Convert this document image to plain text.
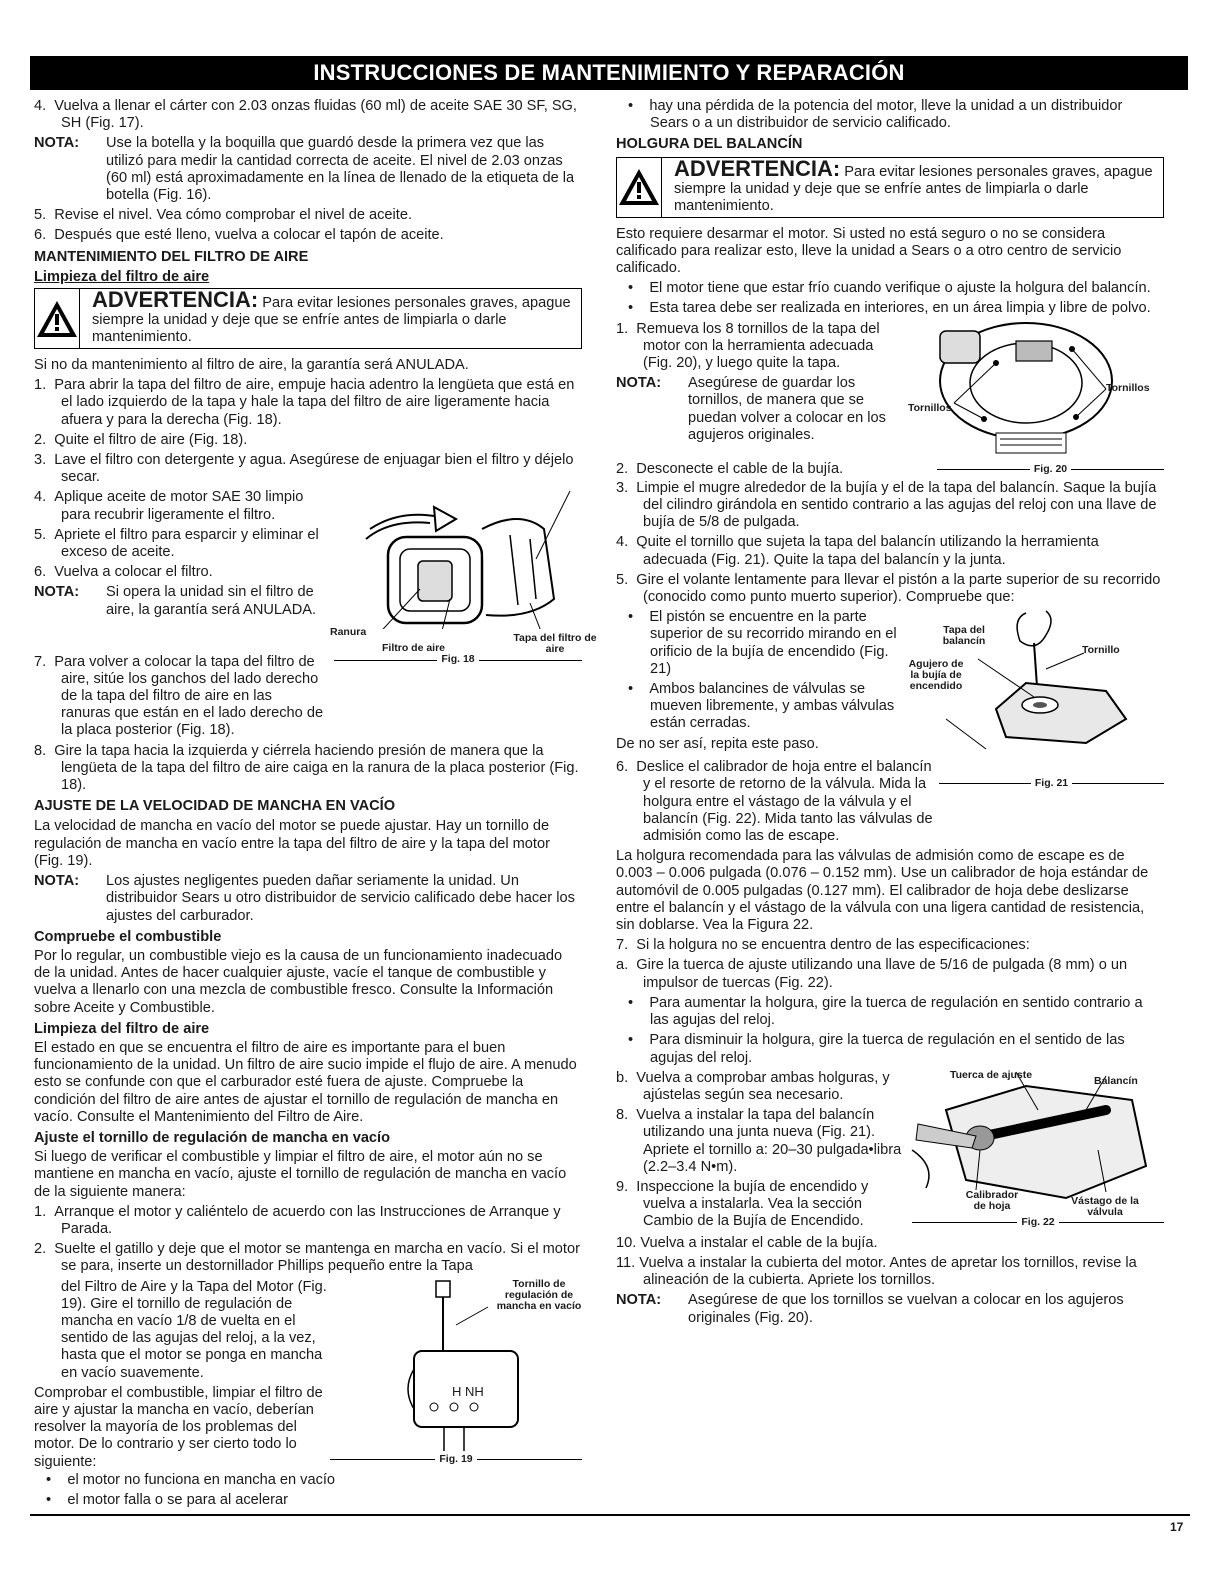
INSTRUCCIONES DE MANTENIMIENTO Y REPARACIÓN

4.  Vuelva a llenar el cárter con 2.03 onzas fluidas (60 ml) de aceite SAE 30 SF, SG, SH (Fig. 17).

NOTA:	Use la botella y la boquilla que guardó desde la primera vez que las utilizó para medir la cantidad correcta de aceite. El nivel de 2.03 onzas (60 ml) está aproximadamente en la línea de llenado de la etiqueta de la botella (Fig. 16).

5.  Revise el nivel. Vea cómo comprobar el nivel de aceite.

6.  Después que esté lleno, vuelva a colocar el tapón de aceite.

MANTENIMIENTO DEL FILTRO DE AIRE
Limpieza del filtro de aire
ADVERTENCIA: Para evitar lesiones personales graves, apague siempre la unidad y deje que se enfríe antes de limpiarla o darle mantenimiento.

Si no da mantenimiento al filtro de aire, la garantía será ANULADA.

1.  Para abrir la tapa del filtro de aire, empuje hacia adentro la lengüeta que está en el lado izquierdo de la tapa y hale la tapa del filtro de aire ligeramente hacia afuera y para la derecha (Fig. 18).

2.  Quite el filtro de aire (Fig. 18).

3.  Lave el filtro con detergente y agua. Asegúrese de enjuagar bien el filtro y déjelo secar.

4.  Aplique aceite de motor SAE 30 limpio para recubrir ligeramente el filtro.

5.  Apriete el filtro para esparcir y eliminar el exceso de aceite.

6.  Vuelva a colocar el filtro.

NOTA:	Si opera la unidad sin el filtro de aire, la garantía será ANULADA.
Ranura
Filtro de aire
Tapa del filtro de aire
Fig. 18

7.  Para volver a colocar la tapa del filtro de aire, sitúe los ganchos del lado derecho de la tapa del filtro de aire en las ranuras que están en el lado derecho de la placa posterior (Fig. 18).

8.  Gire la tapa hacia la izquierda y ciérrela haciendo presión de manera que la lengüeta de la tapa del filtro de aire caiga en la ranura de la placa posterior (Fig. 18).

AJUSTE DE LA VELOCIDAD DE MANCHA EN VACÍO

La velocidad de mancha en vacío del motor se puede ajustar. Hay un tornillo de regulación de mancha en vacío entre la tapa del filtro de aire y la tapa del motor (Fig. 19).

NOTA:	Los ajustes negligentes pueden dañar seriamente la unidad. Un distribuidor Sears u otro distribuidor de servicio calificado debe hacer los ajustes del carburador.
Compruebe el combustible

Por lo regular, un combustible viejo es la causa de un funcionamiento inadecuado de la unidad. Antes de hacer cualquier ajuste, vacíe el tanque de combustible y vuelva a llenarlo con una mezcla de combustible fresco. Consulte la Información sobre Aceite y Combustible.

Limpieza del filtro de aire

El estado en que se encuentra el filtro de aire es importante para el buen funcionamiento de la unidad. Un filtro de aire sucio impide el flujo de aire. A menudo esto se confunde con que el carburador esté fuera de ajuste. Compruebe la condición del filtro de aire antes de ajustar el tornillo de regulación de mancha en vacío. Consulte el Mantenimiento del Filtro de Aire.

Ajuste el tornillo de regulación de mancha en vacío

Si luego de verificar el combustible y limpiar el filtro de aire, el motor aún no se mantiene en mancha en vacío, ajuste el tornillo de regulación de mancha en vacío de la siguiente manera:

1.  Arranque el motor y caliéntelo de acuerdo con las Instrucciones de Arranque y Parada.

2.  Suelte el gatillo y deje que el motor se mantenga en marcha en vacío. Si el motor se para, inserte un destornillador Phillips pequeño entre la Tapa

del Filtro de Aire y la Tapa del Motor (Fig. 19). Gire el tornillo de regulación de mancha en vacío 1/8 de vuelta en el sentido de las agujas del reloj, a la vez, hasta que el motor se ponga en mancha en vacío suavemente.

Comprobar el combustible, limpiar el filtro de aire y ajustar la mancha en vacío, deberían resolver la mayoría de los problemas del motor. De lo contrario y ser cierto todo lo siguiente:

Tornillo de regulación de mancha en vacío
H NH
Fig. 19

•    el motor no funciona en mancha en vacío

•    el motor falla o se para al acelerar

•    hay una pérdida de la potencia del motor, lleve la unidad a un distribuidor Sears o a un distribuidor de servicio calificado.

HOLGURA DEL BALANCÍN
ADVERTENCIA: Para evitar lesiones personales graves, apague siempre la unidad y deje que se enfríe antes de limpiarla o darle mantenimiento.

Esto requiere desarmar el motor. Si usted no está seguro o no se considera calificado para realizar esto, lleve la unidad a Sears o a otro centro de servicio calificado.

•    El motor tiene que estar frío cuando verifique o ajuste la holgura del balancín.

•    Esta tarea debe ser realizada en interiores, en un área limpia y libre de polvo.

1.  Remueva los 8 tornillos de la tapa del motor con la herramienta adecuada (Fig. 20), y luego quite la tapa.

NOTA:	Asegúrese de guardar los tornillos, de manera que se puedan volver a colocar en los agujeros originales.
Tornillos
Tornillos

2.  Desconecte el cable de la bujía.	Fig. 20

3.  Limpie el mugre alrededor de la bujía y el de la tapa del balancín. Saque la bujía del cilindro girándola en sentido contrario a las agujas del reloj con una llave de bujía de 5/8 de pulgada.

4.  Quite el tornillo que sujeta la tapa del balancín utilizando la herramienta adecuada (Fig. 21). Quite la tapa del balancín y la junta.

5.  Gire el volante lentamente para llevar el pistón a la parte superior de su recorrido (conocido como punto muerto superior). Compruebe que:

•    El pistón se encuentre en la parte superior de su recorrido mirando en el orificio de la bujía de encendido (Fig. 21)

•    Ambos balancines de válvulas se mueven libremente, y ambas válvulas están cerradas.

De no ser así, repita este paso.

Tapa del balancín
Tornillo
Agujero de la bujía de encendido

6.  Deslice el calibrador de hoja entre el balancín y el resorte de retorno de la válvula. Mida la holgura entre el vástago de la válvula y el balancín (Fig. 22). Mida tanto las válvulas de admisión como las de escape.

Fig. 21

La holgura recomendada para las válvulas de admisión como de escape es de 0.003 – 0.006 pulgada (0.076 – 0.152 mm). Use un calibrador de hoja estándar de automóvil de 0.005 pulgadas (0.127 mm). El calibrador de hoja debe deslizarse entre el balancín y el vástago de la válvula con una ligera cantidad de resistencia, sin doblarse. Vea la Figura 22.

7.  Si la holgura no se encuentra dentro de las especificaciones:

a.  Gire la tuerca de ajuste utilizando una llave de 5/16 de pulgada (8 mm) o un impulsor de tuercas (Fig. 22).

•    Para aumentar la holgura, gire la tuerca de regulación en sentido contrario a las agujas del reloj.

•    Para disminuir la holgura, gire la tuerca de regulación en el sentido de las agujas del reloj.

b.  Vuelva a comprobar ambas holguras, y ajústelas según sea necesario.

8.  Vuelva a instalar la tapa del balancín utilizando una junta nueva (Fig. 21). Apriete el tornillo a: 20–30 pulgada•libra (2.2–3.4 N•m).

9.  Inspeccione la bujía de encendido y vuelva a instalarla. Vea la sección Cambio de la Bujía de Encendido.

Tuerca de ajuste	Balancín
Calibrador de hoja	Vástago de la válvula
Fig. 22

10. Vuelva a instalar el cable de la bujía.

11. Vuelva a instalar la cubierta del motor. Antes de apretar los tornillos, revise la alineación de la cubierta. Apriete los tornillos.

NOTA:	Asegúrese de que los tornillos se vuelvan a colocar en los agujeros originales (Fig. 20).
17
